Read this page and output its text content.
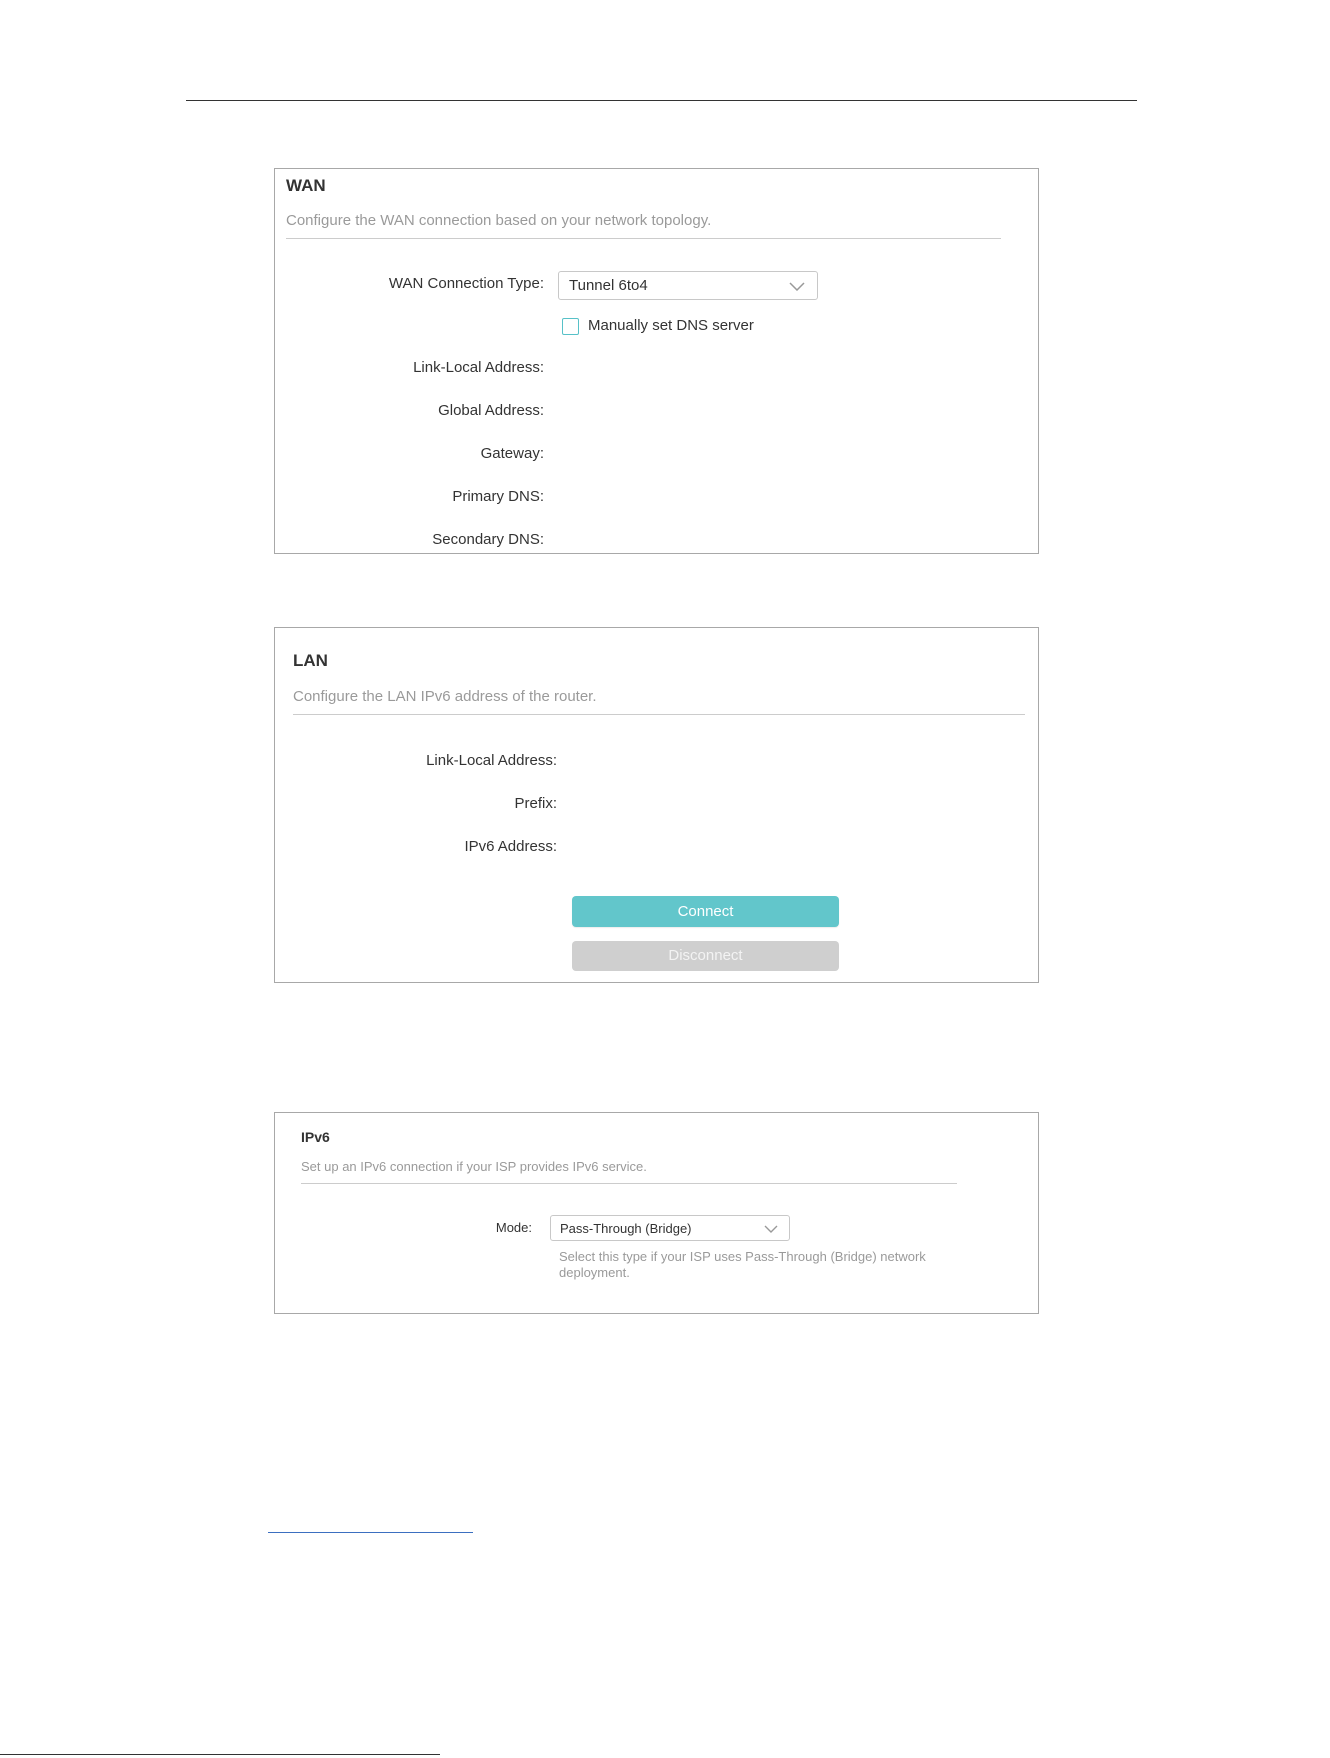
WAN
Configure the WAN connection based on your network topology.
WAN Connection Type: Tunnel 6to4
Manually set DNS server
Link-Local Address:
Global Address:
Gateway:
Primary DNS:
Secondary DNS:
LAN
Configure the LAN IPv6 address of the router.
Link-Local Address:
Prefix:
IPv6 Address:
Connect
Disconnect
IPv6
Set up an IPv6 connection if your ISP provides IPv6 service.
Mode: Pass-Through (Bridge)
Select this type if your ISP uses Pass-Through (Bridge) network deployment.
